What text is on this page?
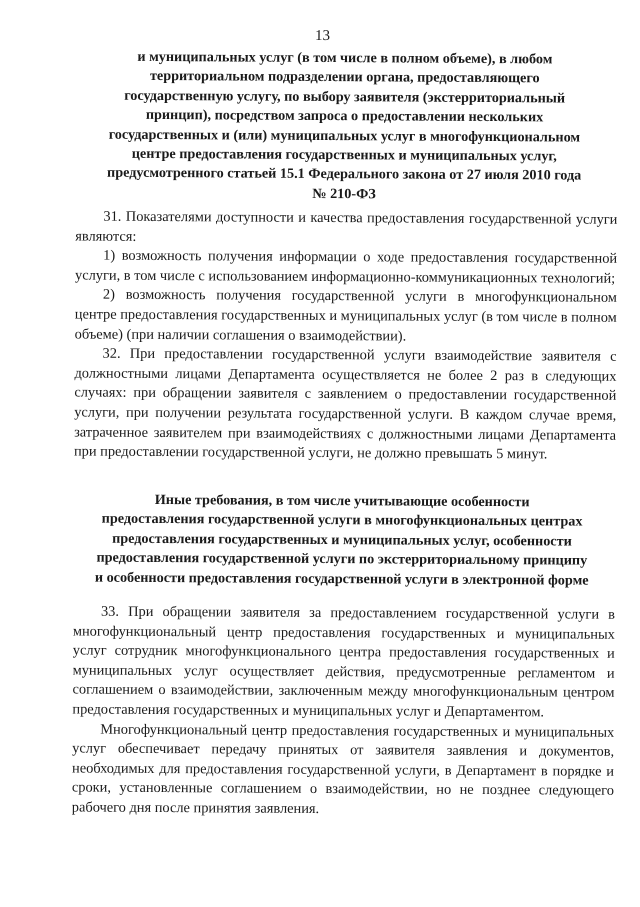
13
и муниципальных услуг (в том числе в полном объеме), в любом
территориальном подразделении органа, предоставляющего
государственную услугу, по выбору заявителя (экстерриториальный
принцип), посредством запроса о предоставлении нескольких
государственных и (или) муниципальных услуг в многофункциональном
центре предоставления государственных и муниципальных услуг,
предусмотренного статьей 15.1 Федерального закона от 27 июля 2010 года
№ 210-ФЗ

31. Показателями доступности и качества предоставления государственной услуги являются:

1) возможность получения информации о ходе предоставления государственной услуги, в том числе с использованием информационно-коммуникационных технологий;

2) возможность получения государственной услуги в многофункциональном центре предоставления государственных и муниципальных услуг (в том числе в полном объеме) (при наличии соглашения о взаимодействии).

32. При предоставлении государственной услуги взаимодействие заявителя с должностными лицами Департамента осуществляется не более 2 раз в следующих случаях: при обращении заявителя с заявлением о предоставлении государственной услуги, при получении результата государственной услуги. В каждом случае время, затраченное заявителем при взаимодействиях с должностными лицами Департамента при предоставлении государственной услуги, не должно превышать 5 минут.

Иные требования, в том числе учитывающие особенности
предоставления государственной услуги в многофункциональных центрах
предоставления государственных и муниципальных услуг, особенности
предоставления государственной услуги по экстерриториальному принципу
и особенности предоставления государственной услуги в электронной форме

33. При обращении заявителя за предоставлением государственной услуги в многофункциональный центр предоставления государственных и муниципальных услуг сотрудник многофункционального центра предоставления государственных и муниципальных услуг осуществляет действия, предусмотренные регламентом и соглашением о взаимодействии, заключенным между многофункциональным центром предоставления государственных и муниципальных услуг и Департаментом.

Многофункциональный центр предоставления государственных и муниципальных услуг обеспечивает передачу принятых от заявителя заявления и документов, необходимых для предоставления государственной услуги, в Департамент в порядке и сроки, установленные соглашением о взаимодействии, но не позднее следующего рабочего дня после принятия заявления.
